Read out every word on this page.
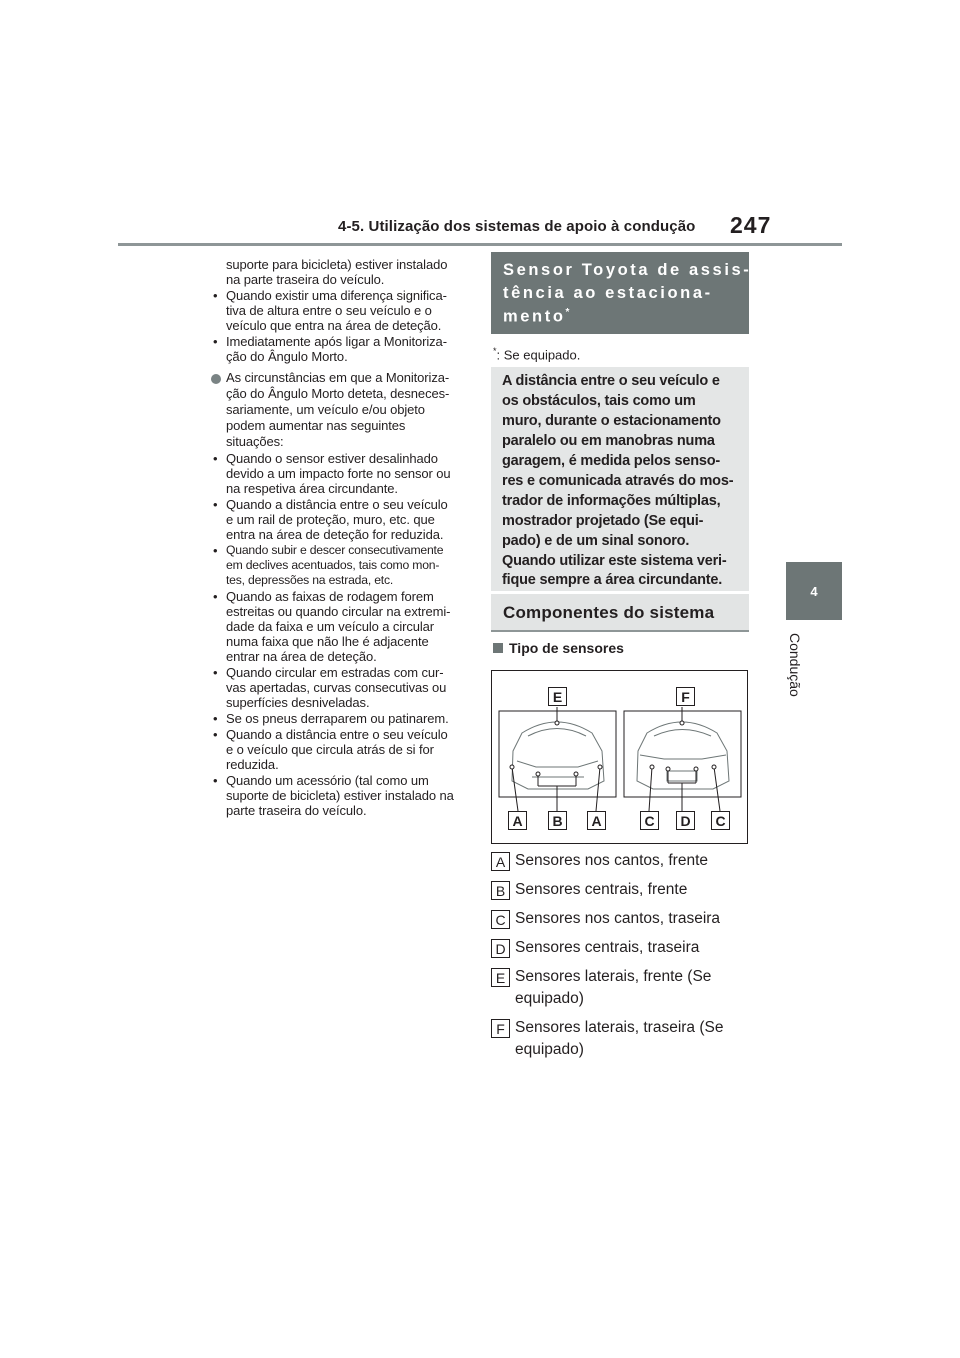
4-5. Utilização dos sistemas de apoio à condução 247
4
Condução
suporte para bicicleta) estiver instalado
na parte traseira do veículo.
• Quando existir uma diferença significa-
tiva de altura entre o seu veículo e o
veículo que entra na área de deteção.
• Imediatamente após ligar a Monitoriza-
ção do Ângulo Morto.
As circunstâncias em que a Monitoriza-
ção do Ângulo Morto deteta, desneces-
sariamente, um veículo e/ou objeto
podem aumentar nas seguintes
situações:
• Quando o sensor estiver desalinhado
devido a um impacto forte no sensor ou
na respetiva área circundante.
• Quando a distância entre o seu veículo
e um rail de proteção, muro, etc. que
entra na área de deteção for reduzida.
• Quando subir e descer consecutivamente
em declives acentuados, tais como mon-
tes, depressões na estrada, etc.
• Quando as faixas de rodagem forem
estreitas ou quando circular na extremi-
dade da faixa e um veículo a circular
numa faixa que não lhe é adjacente
entrar na área de deteção.
• Quando circular em estradas com cur-
vas apertadas, curvas consecutivas ou
superfícies desniveladas.
• Se os pneus derraparem ou patinarem.
• Quando a distância entre o seu veículo
e o veículo que circula atrás de si for
reduzida.
• Quando um acessório (tal como um
suporte de bicicleta) estiver instalado na
parte traseira do veículo.
Sensor Toyota de assis-
tência ao estaciona-
mento*
*: Se equipado.
A distância entre o seu veículo e
os obstáculos, tais como um
muro, durante o estacionamento
paralelo ou em manobras numa
garagem, é medida pelos senso-
res e comunicada através do mos-
trador de informações múltiplas,
mostrador projetado (Se equi-
pado) e de um sinal sonoro.
Quando utilizar este sistema veri-
fique sempre a área circundante.
Componentes do sistema
Tipo de sensores
E	F
A	B	A	C	D	C
A Sensores nos cantos, frente
B Sensores centrais, frente
C Sensores nos cantos, traseira
D Sensores centrais, traseira
E Sensores laterais, frente (Se
equipado)
F Sensores laterais, traseira (Se
equipado)
